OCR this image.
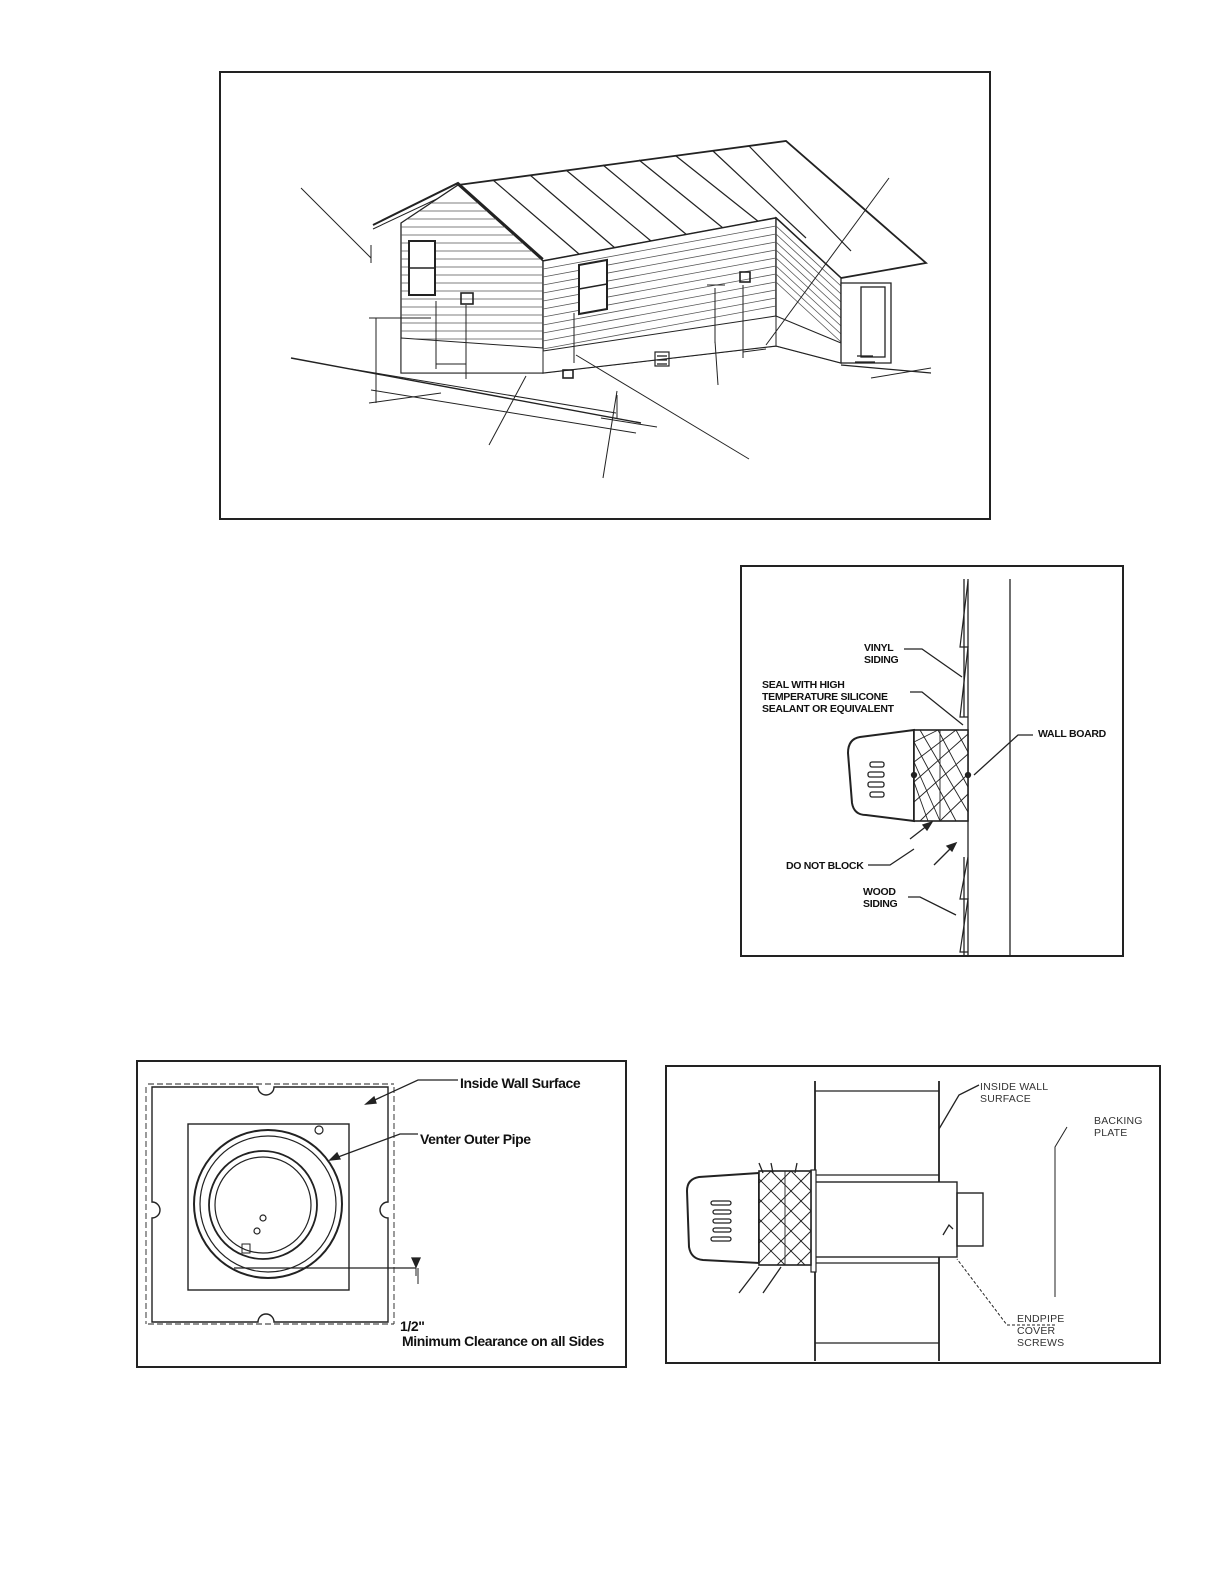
VINYL
SIDING
SEAL WITH HIGH
TEMPERATURE SILICONE
SEALANT OR EQUIVALENT
WALL BOARD
DO NOT BLOCK
WOOD
SIDING
Inside Wall Surface
Venter Outer Pipe
1/2"
Minimum Clearance on all Sides
INSIDE WALL
SURFACE
BACKING
PLATE
ENDPIPE
COVER
SCREWS
